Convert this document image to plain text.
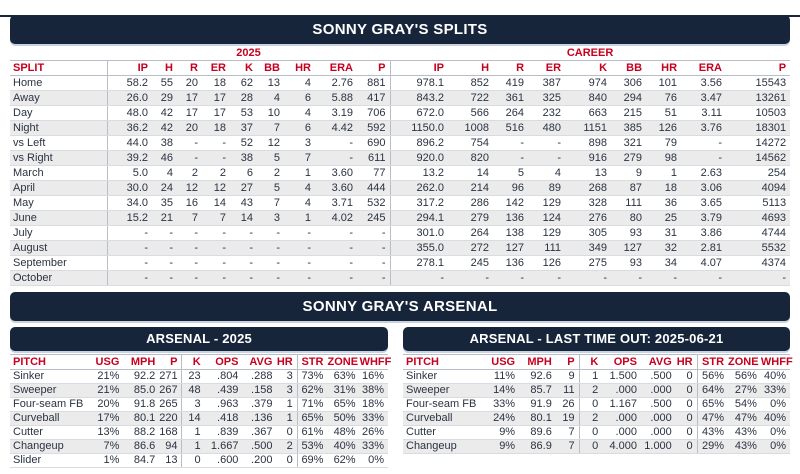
SONNY GRAY'S SPLITS
	2025									CAREER								
SPLIT	IP	H	R	ER	K	BB	HR	ERA	P	IP	H	R	ER	K	BB	HR	ERA	P
Home	58.2	55	20	18	62	13	4	2.76	881	978.1	852	419	387	974	306	101	3.56	15543
Away	26.0	29	17	17	28	4	6	5.88	417	843.2	722	361	325	840	294	76	3.47	13261
Day	48.0	42	17	17	53	10	4	3.19	706	672.0	566	264	232	663	215	51	3.11	10503
Night	36.2	42	20	18	37	7	6	4.42	592	1150.0	1008	516	480	1151	385	126	3.76	18301
vs Left	44.0	38	-	-	52	12	3	-	690	896.2	754	-	-	898	321	79	-	14272
vs Right	39.2	46	-	-	38	5	7	-	611	920.0	820	-	-	916	279	98	-	14562
March	5.0	4	2	2	6	2	1	3.60	77	13.2	14	5	4	13	9	1	2.63	254
April	30.0	24	12	12	27	5	4	3.60	444	262.0	214	96	89	268	87	18	3.06	4094
May	34.0	35	16	14	43	7	4	3.71	532	317.2	286	142	129	328	111	36	3.65	5113
June	15.2	21	7	7	14	3	1	4.02	245	294.1	279	136	124	276	80	25	3.79	4693
July	-	-	-	-	-	-	-	-	-	301.0	264	138	129	305	93	31	3.86	4744
August	-	-	-	-	-	-	-	-	-	355.0	272	127	111	349	127	32	2.81	5532
September	-	-	-	-	-	-	-	-	-	278.1	245	136	126	275	93	34	4.07	4374
October	-	-	-	-	-	-	-	-	-	-	-	-	-	-	-	-	-	-
SONNY GRAY'S ARSENAL
ARSENAL - 2025
PITCH	USG	MPH	P	K	OPS	AVG	HR	STR	ZONE	WHFF
Sinker	21%	92.2	271	23	.804	.288	3	73%	63%	16%
Sweeper	21%	85.0	267	48	.439	.158	3	62%	31%	38%
Four-seam FB	20%	91.8	265	3	.963	.379	1	71%	65%	18%
Curveball	17%	80.1	220	14	.418	.136	1	65%	50%	33%
Cutter	13%	88.2	168	1	.839	.367	0	61%	48%	26%
Changeup	7%	86.6	94	1	1.667	.500	2	53%	40%	33%
Slider	1%	84.7	13	0	.600	.200	0	69%	62%	0%
ARSENAL - LAST TIME OUT: 2025-06-21
PITCH	USG	MPH	P	K	OPS	AVG	HR	STR	ZONE	WHFF
Sinker	11%	92.6	9	1	1.500	.500	0	56%	56%	40%
Sweeper	14%	85.7	11	2	.000	.000	0	64%	27%	33%
Four-seam FB	33%	91.9	26	0	1.167	.500	0	65%	54%	0%
Curveball	24%	80.1	19	2	.000	.000	0	47%	47%	40%
Cutter	9%	89.6	7	0	.000	.000	0	43%	43%	0%
Changeup	9%	86.9	7	0	4.000	1.000	0	29%	43%	0%
